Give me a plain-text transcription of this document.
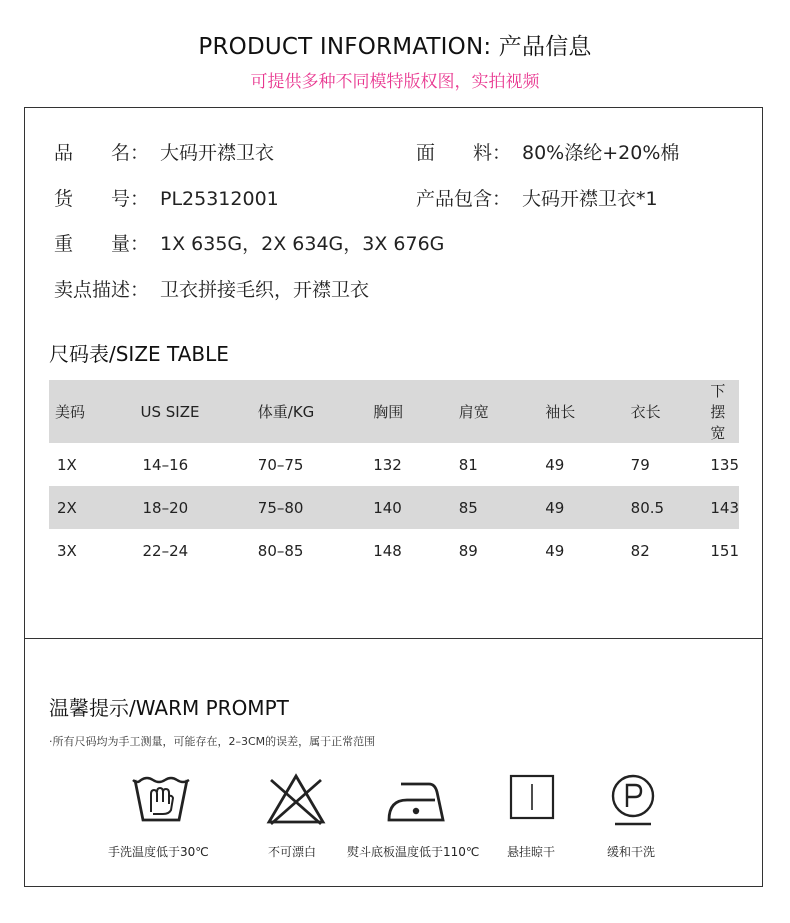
PRODUCT INFORMATION: 产品信息
可提供多种不同模特版权图，实拍视频
品　　名： 大码开襟卫衣	面　　料： 80%涤纶+20%棉
货　　号： PL25312001	产品包含： 大码开襟卫衣*1
重　　量： 1X 635G，2X 634G，3X 676G
卖点描述： 卫衣拼接毛织，开襟卫衣
尺码表/SIZE TABLE
美码	US SIZE	体重/KG	胸围	肩宽	袖长	衣长	下摆宽
1X	14–16	70–75	132	81	49	79	135
2X	18–20	75–80	140	85	49	80.5	143
3X	22–24	80–85	148	89	49	82	151
温馨提示/WARM PROMPT
·所有尺码均为手工测量，可能存在，2–3CM的误差，属于正常范围
手洗温度低于30℃	不可漂白	熨斗底板温度低于110℃ 悬挂晾干	缓和干洗
